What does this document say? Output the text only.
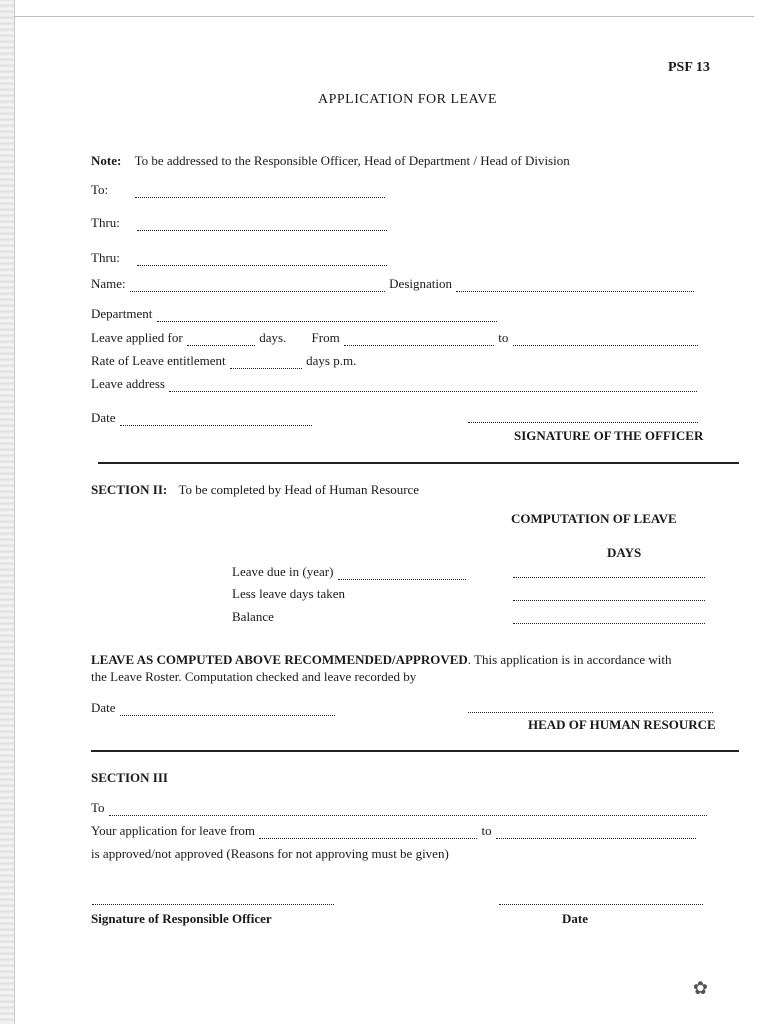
PSF 13
APPLICATION FOR LEAVE
Note: To be addressed to the Responsible Officer, Head of Department / Head of Division
To:
Thru:
Thru:
Name:	Designation
Department
Leave applied for	days. From	to
Rate of Leave entitlement	days p.m.
Leave address
Date
SIGNATURE OF THE OFFICER
SECTION II: To be completed by Head of Human Resource
COMPUTATION OF LEAVE
DAYS
Leave due in (year)
Less leave days taken
Balance
LEAVE AS COMPUTED ABOVE RECOMMENDED/APPROVED. This application is in accordance with
the Leave Roster. Computation checked and leave recorded by
Date
HEAD OF HUMAN RESOURCE
SECTION III
To
Your application for leave from	to
is approved/not approved (Reasons for not approving must be given)
Signature of Responsible Officer	Date
✿
